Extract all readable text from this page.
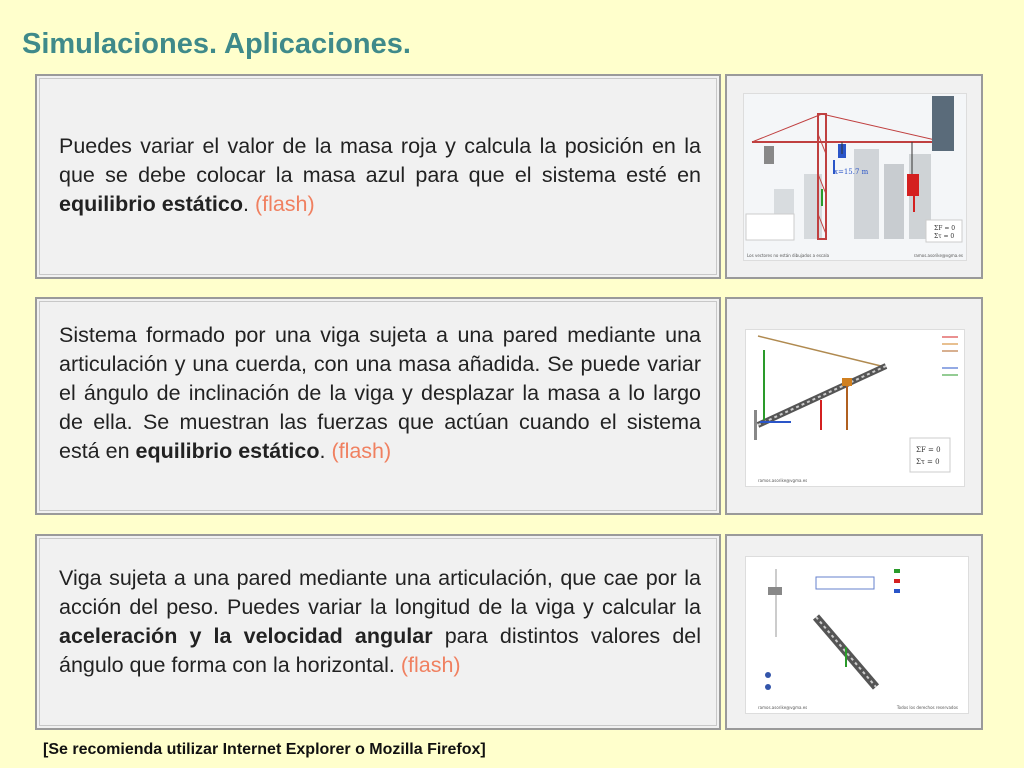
Simulaciones. Aplicaciones.
Puedes variar el valor de la masa roja y calcula la posición en la que se debe colocar la masa azul para que el sistema esté en equilibrio estático. (flash)
ΣF = 0
Στ = 0
x=15.7 m
Los vectores no están dibujados a escala	ramos.asorike@vgma.es
Sistema formado por una viga sujeta a una pared mediante una articulación y una cuerda, con una masa añadida. Se puede variar el ángulo de inclinación de la viga y desplazar la masa a lo largo de ella. Se muestran las fuerzas que actúan cuando el sistema está en equilibrio estático. (flash)	ΣF = 0
Στ = 0
ramos.asorike@vgma.es
Viga sujeta a una pared mediante una articulación, que cae por la acción del peso. Puedes variar la longitud de la viga y calcular la aceleración y la velocidad angular para distintos valores del ángulo que forma con la horizontal. (flash)
ramos.asorike@vgma.es	Todos los derechos reservados
[Se recomienda utilizar Internet Explorer o Mozilla Firefox]
